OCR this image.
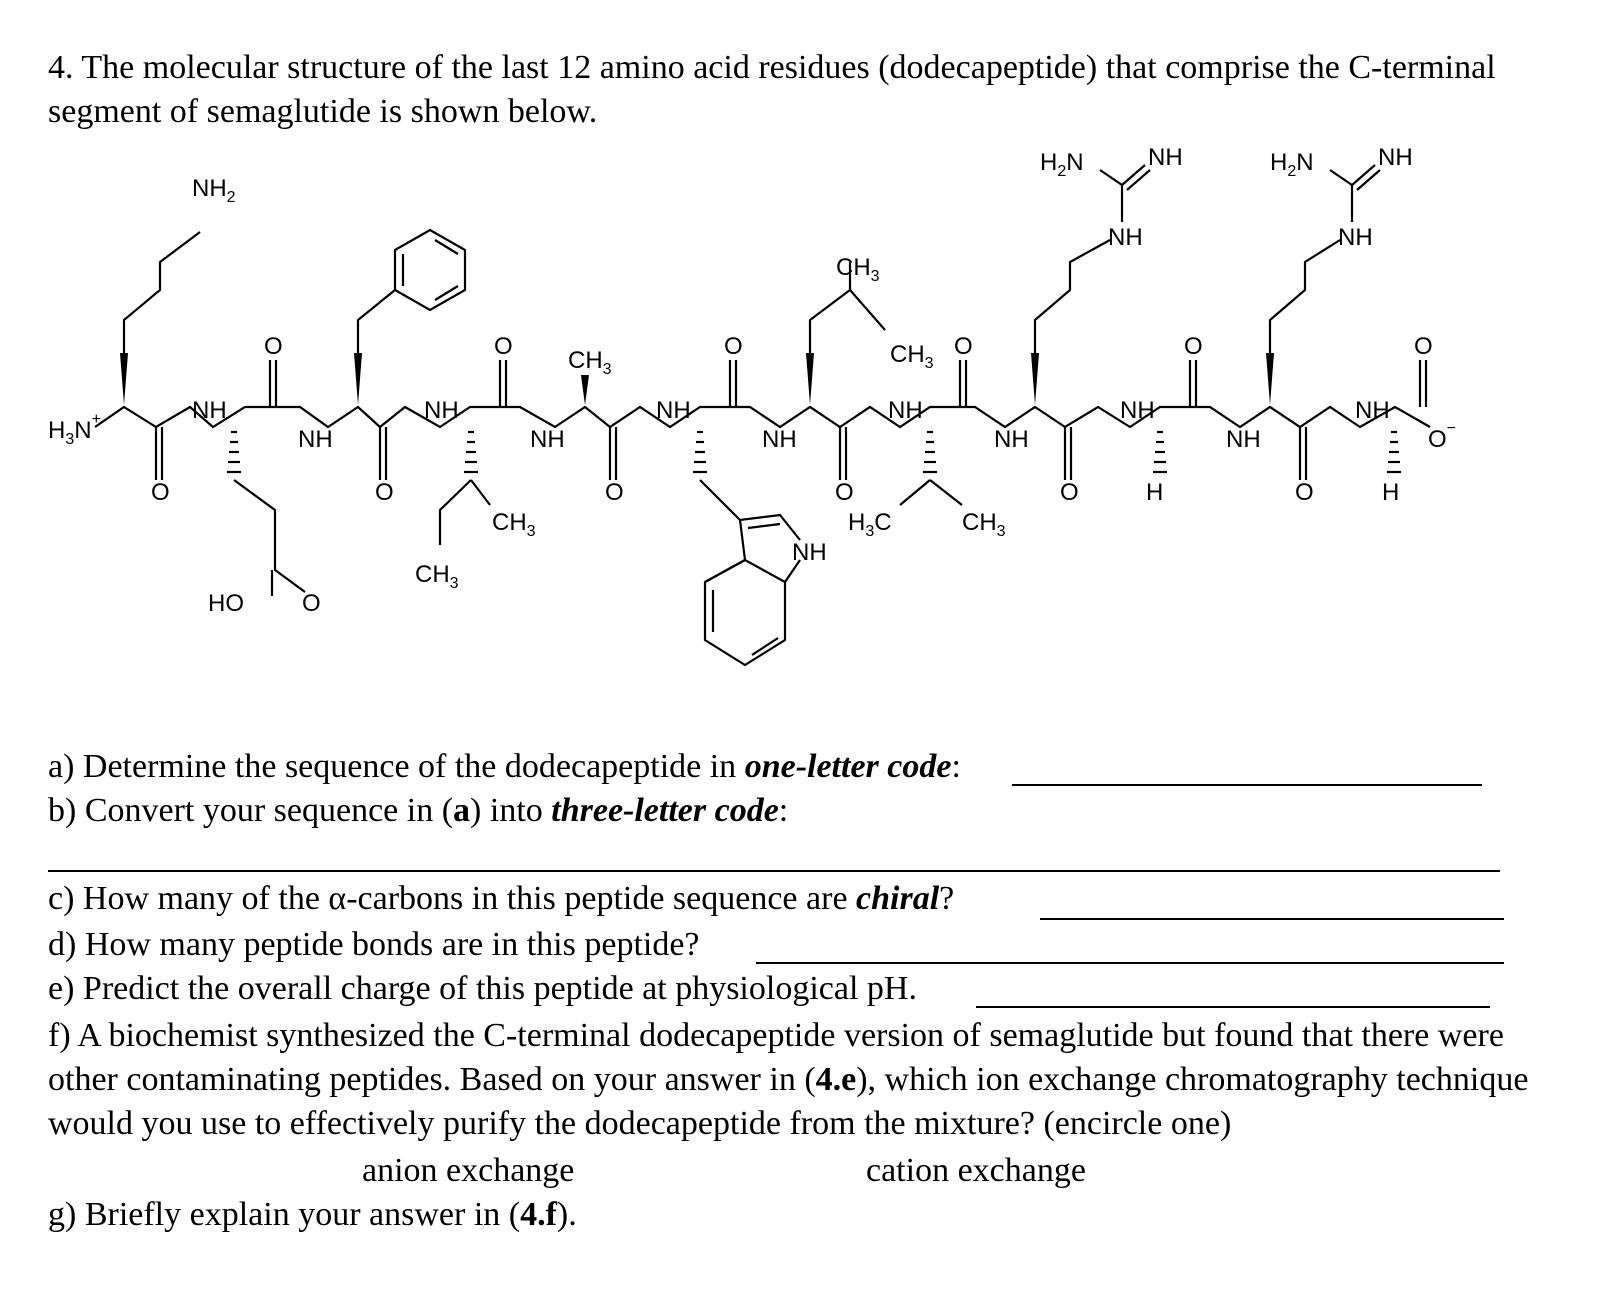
4. The molecular structure of the last 12 amino acid residues (dodecapeptide) that comprise the C-terminal segment of semaglutide is shown below.
$H_3N^+$
O	O	O	O	O	O
O	O	O	O	O	O
O−
NH
NH
NH
NH
NH
NH
NH
NH
NH
NH
NH
$NH_2$
HO O
$CH_3$
$CH_3$
$CH_3$
NH
$H_3C$	$CH_3$
$CH_3$
$CH_3$
NH
$H_2N$	NH
H
NH
$H_2N$	NH
H
a) Determine the sequence of the dodecapeptide in one-letter code:
b) Convert your sequence in (a) into three-letter code:
c) How many of the α-carbons in this peptide sequence are chiral?
d) How many peptide bonds are in this peptide?
e) Predict the overall charge of this peptide at physiological pH.
f) A biochemist synthesized the C-terminal dodecapeptide version of semaglutide but found that there were other contaminating peptides. Based on your answer in (4.e), which ion exchange chromatography technique would you use to effectively purify the dodecapeptide from the mixture? (encircle one)
anion exchange	cation exchange
g) Briefly explain your answer in (4.f).
